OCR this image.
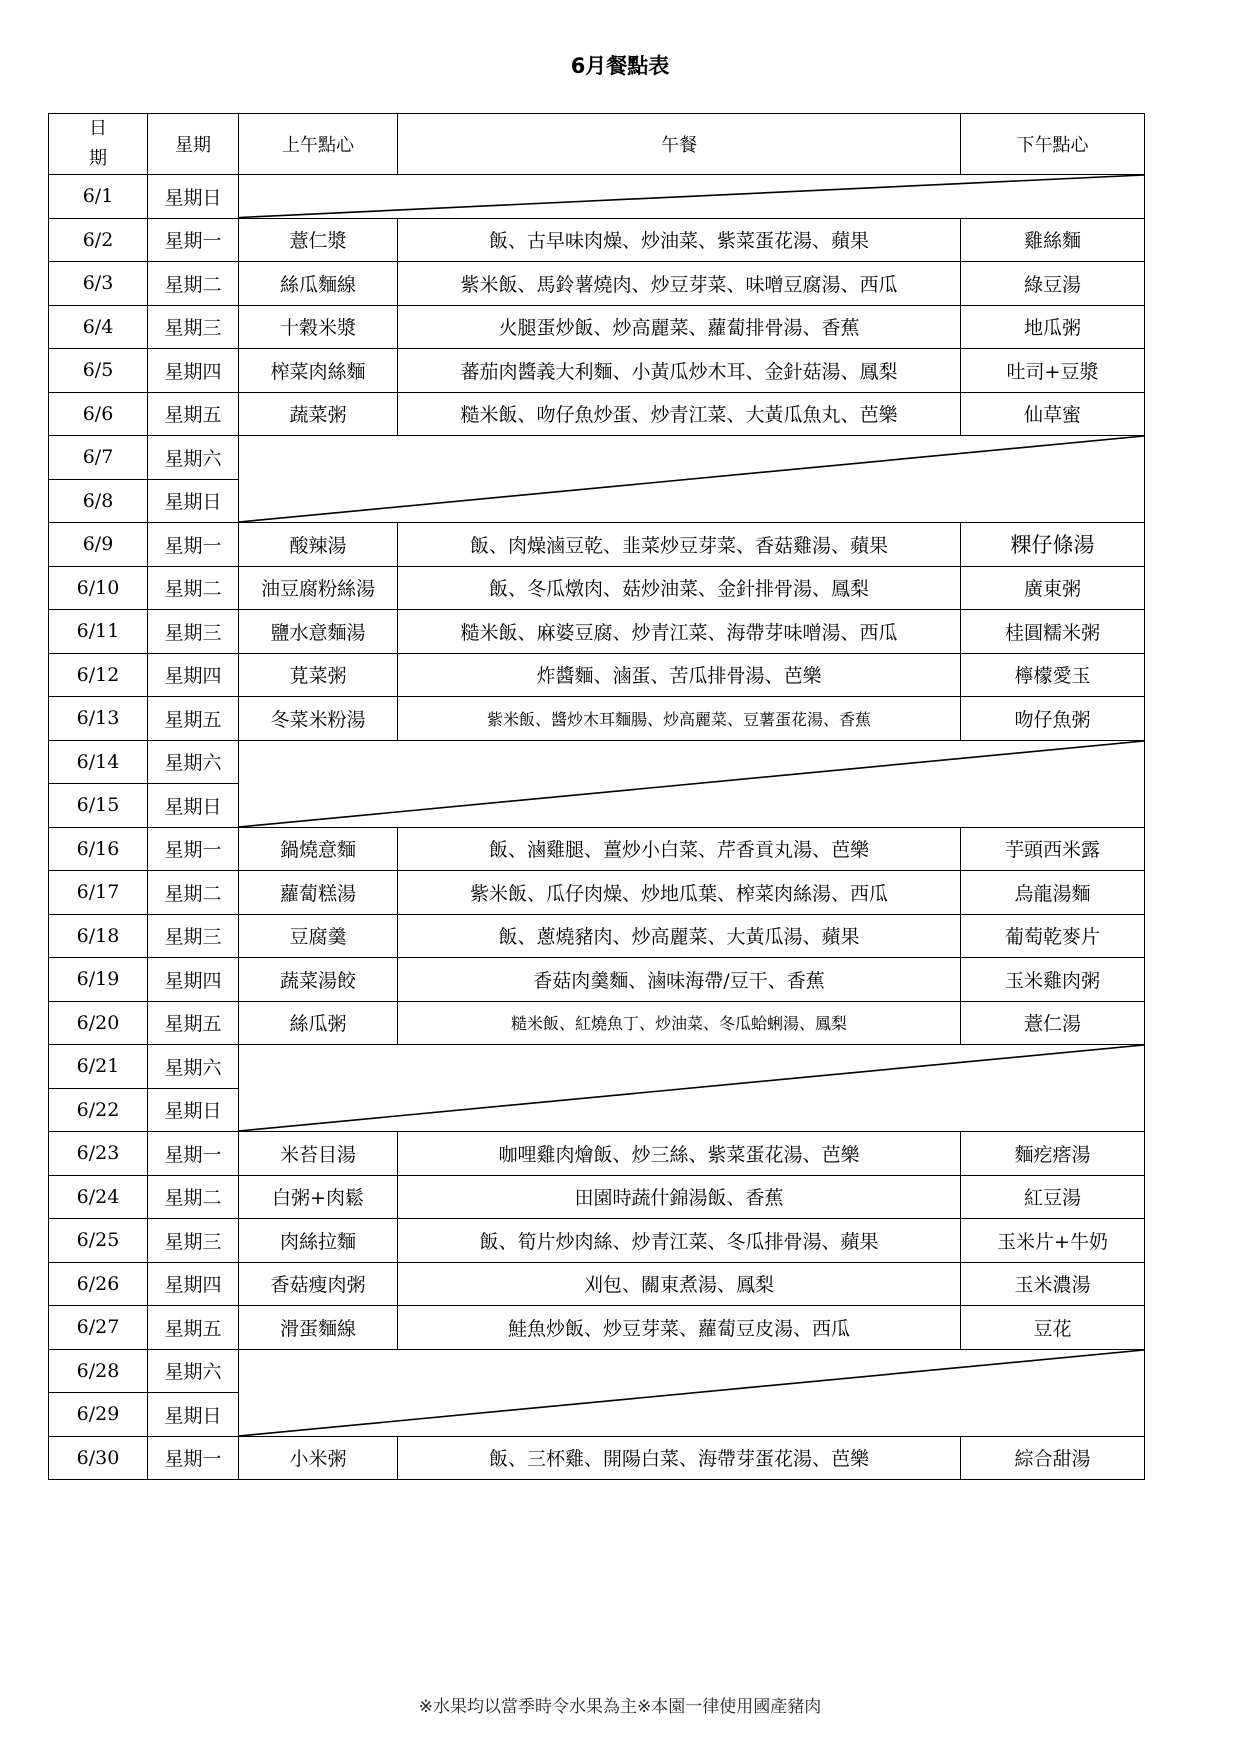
6月餐點表
日
期	星期	上午點心	午餐	下午點心
6/1	星期日	

6/2	星期一	薏仁漿	飯、古早味肉燥、炒油菜、紫菜蛋花湯、蘋果	雞絲麵
6/3	星期二	絲瓜麵線	紫米飯、馬鈴薯燒肉、炒豆芽菜、味噌豆腐湯、西瓜	綠豆湯
6/4	星期三	十穀米漿	火腿蛋炒飯、炒高麗菜、蘿蔔排骨湯、香蕉	地瓜粥
6/5	星期四	榨菜肉絲麵	蕃茄肉醬義大利麵、小黃瓜炒木耳、金針菇湯、鳳梨	吐司+豆漿
6/6	星期五	蔬菜粥	糙米飯、吻仔魚炒蛋、炒青江菜、大黃瓜魚丸、芭樂	仙草蜜
6/7	星期六	

6/8	星期日			
6/9	星期一	酸辣湯	飯、肉燥滷豆乾、韭菜炒豆芽菜、香菇雞湯、蘋果	粿仔條湯
6/10	星期二	油豆腐粉絲湯	飯、冬瓜燉肉、菇炒油菜、金針排骨湯、鳳梨	廣東粥
6/11	星期三	鹽水意麵湯	糙米飯、麻婆豆腐、炒青江菜、海帶芽味噌湯、西瓜	桂圓糯米粥
6/12	星期四	莧菜粥	炸醬麵、滷蛋、苦瓜排骨湯、芭樂	檸檬愛玉
6/13	星期五	冬菜米粉湯	紫米飯、醬炒木耳麵腸、炒高麗菜、豆薯蛋花湯、香蕉	吻仔魚粥
6/14	星期六	

6/15	星期日			
6/16	星期一	鍋燒意麵	飯、滷雞腿、薑炒小白菜、芹香貢丸湯、芭樂	芋頭西米露
6/17	星期二	蘿蔔糕湯	紫米飯、瓜仔肉燥、炒地瓜葉、榨菜肉絲湯、西瓜	烏龍湯麵
6/18	星期三	豆腐羹	飯、蔥燒豬肉、炒高麗菜、大黃瓜湯、蘋果	葡萄乾麥片
6/19	星期四	蔬菜湯餃	香菇肉羹麵、滷味海帶/豆干、香蕉	玉米雞肉粥
6/20	星期五	絲瓜粥	糙米飯、紅燒魚丁、炒油菜、冬瓜蛤蜊湯、鳳梨	薏仁湯
6/21	星期六	

6/22	星期日			
6/23	星期一	米苔目湯	咖哩雞肉燴飯、炒三絲、紫菜蛋花湯、芭樂	麵疙瘩湯
6/24	星期二	白粥+肉鬆	田園時蔬什錦湯飯、香蕉	紅豆湯
6/25	星期三	肉絲拉麵	飯、筍片炒肉絲、炒青江菜、冬瓜排骨湯、蘋果	玉米片+牛奶
6/26	星期四	香菇瘦肉粥	刈包、關東煮湯、鳳梨	玉米濃湯
6/27	星期五	滑蛋麵線	鮭魚炒飯、炒豆芽菜、蘿蔔豆皮湯、西瓜	豆花
6/28	星期六	

6/29	星期日			
6/30	星期一	小米粥	飯、三杯雞、開陽白菜、海帶芽蛋花湯、芭樂	綜合甜湯
※水果均以當季時令水果為主※本園一律使用國產豬肉
